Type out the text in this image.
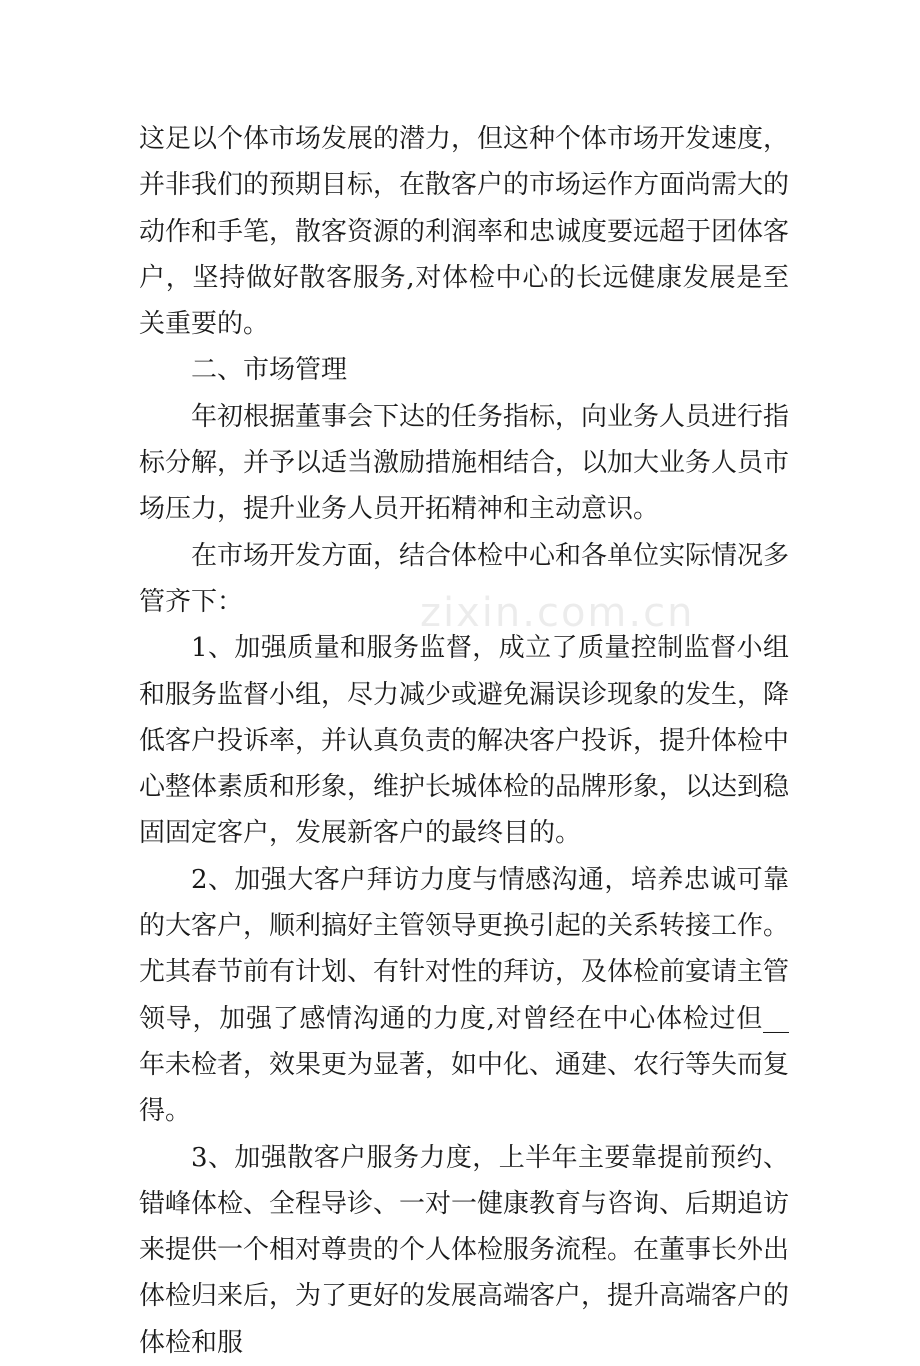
这足以个体市场发展的潜力，但这种个体市场开发速度，并非我们的预期目标，在散客户的市场运作方面尚需大的动作和手笔，散客资源的利润率和忠诚度要远超于团体客户，坚持做好散客服务,对体检中心的长远健康发展是至关重要的。

二、市场管理

年初根据董事会下达的任务指标，向业务人员进行指标分解，并予以适当激励措施相结合，以加大业务人员市场压力，提升业务人员开拓精神和主动意识。

在市场开发方面，结合体检中心和各单位实际情况多管齐下：

1、加强质量和服务监督，成立了质量控制监督小组和服务监督小组，尽力减少或避免漏误诊现象的发生，降低客户投诉率，并认真负责的解决客户投诉，提升体检中心整体素质和形象，维护长城体检的品牌形象，以达到稳固固定客户，发展新客户的最终目的。

2、加强大客户拜访力度与情感沟通，培养忠诚可靠的大客户，顺利搞好主管领导更换引起的关系转接工作。尤其春节前有计划、有针对性的拜访，及体检前宴请主管领导，加强了感情沟通的力度,对曾经在中心体检过但__年未检者，效果更为显著，如中化、通建、农行等失而复得。

3、加强散客户服务力度，上半年主要靠提前预约、错峰体检、全程导诊、一对一健康教育与咨询、后期追访来提供一个相对尊贵的个人体检服务流程。在董事长外出体检归来后，为了更好的发展高端客户，提升高端客户的体检和服

zixin.com.cn
